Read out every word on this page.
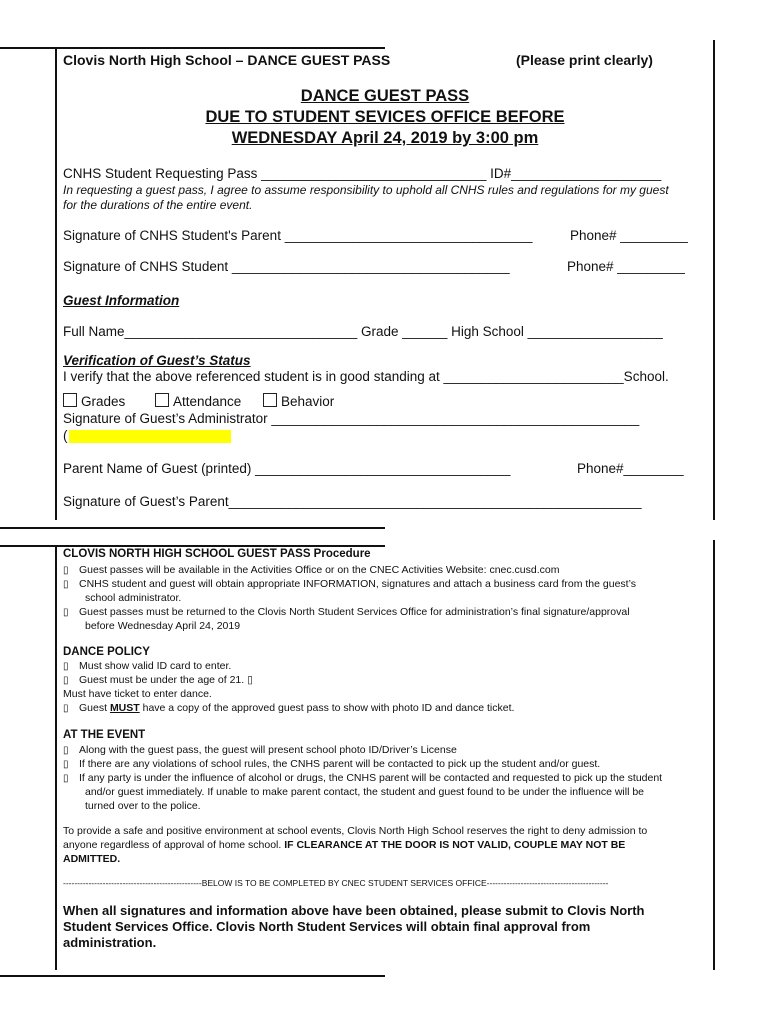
Clovis North High School – DANCE GUEST PASS	(Please print clearly)
DANCE GUEST PASS
DUE TO STUDENT SEVICES OFFICE BEFORE
WEDNESDAY April 24, 2019 by 3:00 pm
CNHS Student Requesting Pass ______________________________ ID#____________________
In requesting a guest pass, I agree to assume responsibility to uphold all CNHS rules and regulations for my guest
for the durations of the entire event.
Signature of CNHS Student's Parent _________________________________	Phone# _________
Signature of CNHS Student _____________________________________	Phone# _________
Guest Information
Full Name_______________________________ Grade ______ High School __________________
Verification of Guest’s Status
I verify that the above referenced student is in good standing at ________________________School.
Grades	Attendance	Behavior
Signature of Guest’s Administrator _________________________________________________
(
Parent Name of Guest (printed) __________________________________	Phone#________
Signature of Guest’s Parent_______________________________________________________
CLOVIS NORTH HIGH SCHOOL GUEST PASS Procedure
▯ Guest passes will be available in the Activities Office or on the CNEC Activities Website: cnec.cusd.com
▯ CNHS student and guest will obtain appropriate INFORMATION, signatures and attach a business card from the guest’s
school administrator.
▯ Guest passes must be returned to the Clovis North Student Services Office for administration’s final signature/approval
before Wednesday April 24, 2019
DANCE POLICY
▯ Must show valid ID card to enter.
▯ Guest must be under the age of 21. ▯
Must have ticket to enter dance.
▯ Guest MUST have a copy of the approved guest pass to show with photo ID and dance ticket.
AT THE EVENT
▯ Along with the guest pass, the guest will present school photo ID/Driver’s License
▯ If there are any violations of school rules, the CNHS parent will be contacted to pick up the student and/or guest.
▯ If any party is under the influence of alcohol or drugs, the CNHS parent will be contacted and requested to pick up the student
and/or guest immediately. If unable to make parent contact, the student and guest found to be under the influence will be
turned over to the police.
To provide a safe and positive environment at school events, Clovis North High School reserves the right to deny admission to
anyone regardless of approval of home school. IF CLEARANCE AT THE DOOR IS NOT VALID, COUPLE MAY NOT BE
ADMITTED.
-------------------------------------------------BELOW IS TO BE COMPLETED BY CNEC STUDENT SERVICES OFFICE-------------------------------------------
When all signatures and information above have been obtained, please submit to Clovis North
Student Services Office. Clovis North Student Services will obtain final approval from
administration.
